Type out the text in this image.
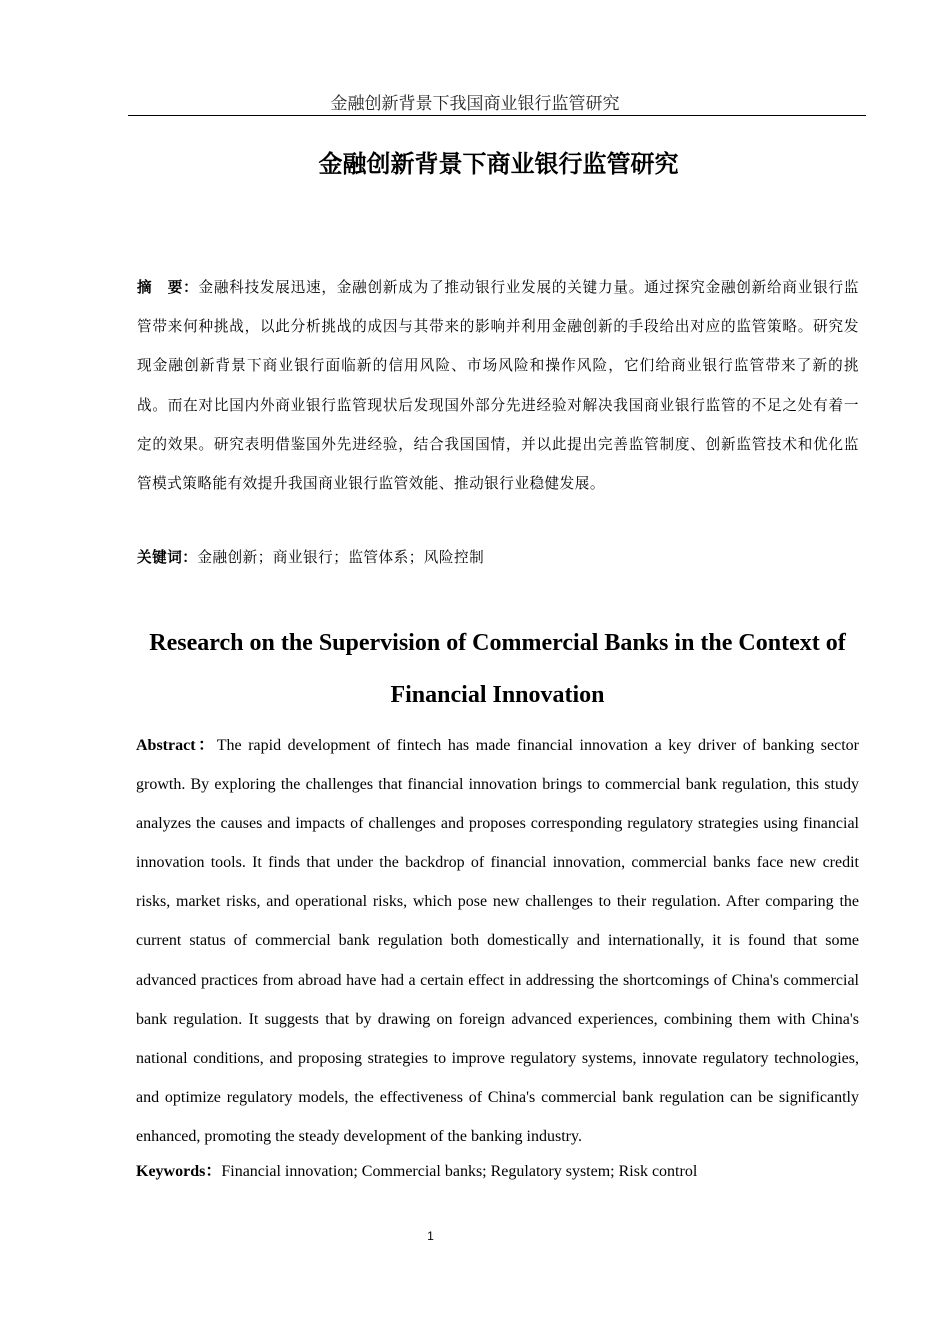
金融创新背景下我国商业银行监管研究
金融创新背景下商业银行监管研究

摘　要：金融科技发展迅速，金融创新成为了推动银行业发展的关键力量。通过探究金融创新给商业银行监管带来何种挑战，以此分析挑战的成因与其带来的影响并利用金融创新的手段给出对应的监管策略。研究发现金融创新背景下商业银行面临新的信用风险、市场风险和操作风险，它们给商业银行监管带来了新的挑战。而在对比国内外商业银行监管现状后发现国外部分先进经验对解决我国商业银行监管的不足之处有着一定的效果。研究表明借鉴国外先进经验，结合我国国情，并以此提出完善监管制度、创新监管技术和优化监管模式策略能有效提升我国商业银行监管效能、推动银行业稳健发展。

关键词：金融创新；商业银行；监管体系；风险控制

Research on the Supervision of Commercial Banks in the Context of Financial Innovation

Abstract：The rapid development of fintech has made financial innovation a key driver of banking sector growth. By exploring the challenges that financial innovation brings to commercial bank regulation, this study analyzes the causes and impacts of challenges and proposes corresponding regulatory strategies using financial innovation tools. It finds that under the backdrop of financial innovation, commercial banks face new credit risks, market risks, and operational risks, which pose new challenges to their regulation. After comparing the current status of commercial bank regulation both domestically and internationally, it is found that some advanced practices from abroad have had a certain effect in addressing the shortcomings of China's commercial bank regulation. It suggests that by drawing on foreign advanced experiences, combining them with China's national conditions, and proposing strategies to improve regulatory systems, innovate regulatory technologies, and optimize regulatory models, the effectiveness of China's commercial bank regulation can be significantly enhanced, promoting the steady development of the banking industry.

Keywords：Financial innovation; Commercial banks; Regulatory system; Risk control

1
